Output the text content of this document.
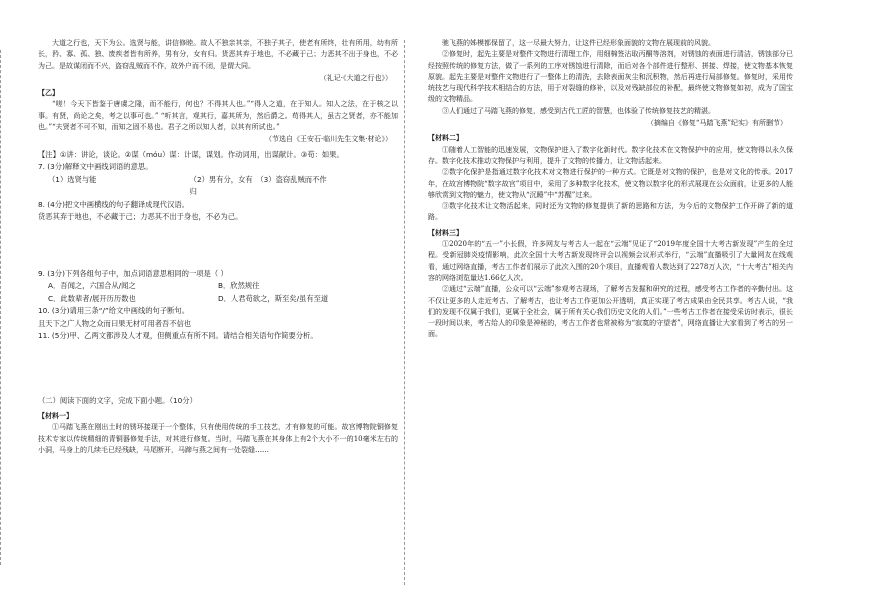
大道之行也，天下为公。选贤与能，讲信修睦。故人不独亲其亲，不独子其子，使老有所终，壮有所用，幼有所长，矜、寡、孤、独、废疾者皆有所养，男有分，女有归。货恶其弃于地也，不必藏于己；力恶其不出于身也，不必为己。是故谋闭而不兴，盗窃乱贼而不作，故外户而不闭，是谓大同。

（礼记·《大道之行也》）
【乙】

“嗟！今天下皆鉴于唐虞之隆，而不能行，何也？不得其人也。”“得人之道，在于知人。知人之法，在于核之以事。有贤，尚论之矣，考之以事可也。” “听其言，观其行，嘉其所为，然后爵之。苟得其人，虽古之贤者，亦不能加也。”“夫贤者不可不知，而知之固不易也。君子之所以知人者，以其有所试也。”

（节选自《王安石·临川先生文集·材论》）

【注】①讲：讲论，谈论。②谋（móu）谋：计谋，谋划。作动词用，出谋献计。③苟：如果。

7. (3分)解释文中画线词语的意思。

（1）选贤与能	（2）男有分，女有归
（3）盗窃乱贼而不作

8. (4分)把文中画横线的句子翻译成现代汉语。

货恶其弃于地也，不必藏于己；力恶其不出于身也，不必为己。

9. (3分)下列各组句子中，加点词语意思相同的一项是（ ）

A．吾闻之，六国合从/闻之	B．欣然规往
C．此数辈者/展开历历数也	D．人君苟欲之，斯至矣/虽有至道

10. (3分)请用三条“/”给文中画线的句子断句。

且天下之广人物之众而曰果无材可用者吾不信也

11. (5分)甲、乙两文都涉及人才观，但侧重点有所不同。请结合相关语句作简要分析。

（二）阅读下面的文字，完成下面小题。（10分）

【材料一】

①马踏飞燕在刚出土时的锈环接现于一个整体，只有使用传统的手工技艺，才有修复的可能。故宫博物院铜修复技术专家以传统精细的青铜器修复手法，对其进行修复。当时，马踏飞燕在其身体上有2个大小不一的10毫米左右的小洞，马身上的几续毛已经残缺，马尾断开，马蹄与燕之间有一处裂缝……

驰飞燕的姊模都保留了，这一尽最大努力，让这件已经形象面貌的文物在展现前的风貌。

②修复时，起先主要是对整件文物进行清理工作，用细棉签沾取丙酮等溶剂，对锈蚀的表面进行清洁，锈蚀部分已经按照传统的修复方法，做了一系列的工序对锈蚀进行清除，而后对各个部件进行整形、拼接、焊接，使文物基本恢复原貌。起先主要是对整件文物进行了一整体上的清洗，去除表面灰尘和沉积物，然后再进行局部修复。修复时，采用传统技艺与现代科学技术相结合的方法，用于对裂缝的修补，以及对残缺部位的补配，最终使文物修复如初，成为了国宝级的文物精品。

③人们通过了马踏飞燕的修复，感受到古代工匠的智慧，也体验了传统修复技艺的精湛。

（摘编自《修复“马踏飞燕”纪实》有所删节）
【材料二】

①随着人工智能的迅速发展，文物保护进入了数字化新时代。数字化技术在文物保护中的应用，使文物得以永久保存。数字化技术推动文物保护与利用，提升了文物的传播力，让文物活起来。

②数字化保护是指通过数字化技术对文物进行保护的一种方式。它既是对文物的保护，也是对文化的传承。2017年，在故宫博物院“数字故宫”项目中，采用了多种数字化技术，使文物以数字化的形式展现在公众面前，让更多的人能够欣赏到文物的魅力，使文物从“沉睡”中“苏醒”过来。

③数字化技术让文物活起来，同时还为文物的修复提供了新的思路和方法，为今后的文物保护工作开辟了新的道路。

【材料三】

①2020年的“五一”小长假，许多网友与考古人一起在“云端”见证了“2019年度全国十大考古新发现”产生的全过程。受新冠肺炎疫情影响，此次全国十大考古新发现终评会以视频会议形式举行，“云端”直播吸引了大量网友在线观看，通过网络直播，考古工作者们展示了此次入围的20个项目，直播观看人数达到了2278万人次，“十大考古”相关内容的网络浏览量达1.66亿人次。

②通过“云端”直播，公众可以“云端”参观考古现场，了解考古发掘和研究的过程，感受考古工作者的辛勤付出。这不仅让更多的人走近考古、了解考古，也让考古工作更加公开透明，真正实现了考古成果由全民共享。考古人说，“我们的发现不仅属于我们，更属于全社会，属于所有关心我们历史文化的人们。”一些考古工作者在接受采访时表示，很长一段时间以来，考古给人的印象是神秘的，考古工作者也常被称为“寂寞的守望者”，网络直播让大家看到了考古的另一面。
